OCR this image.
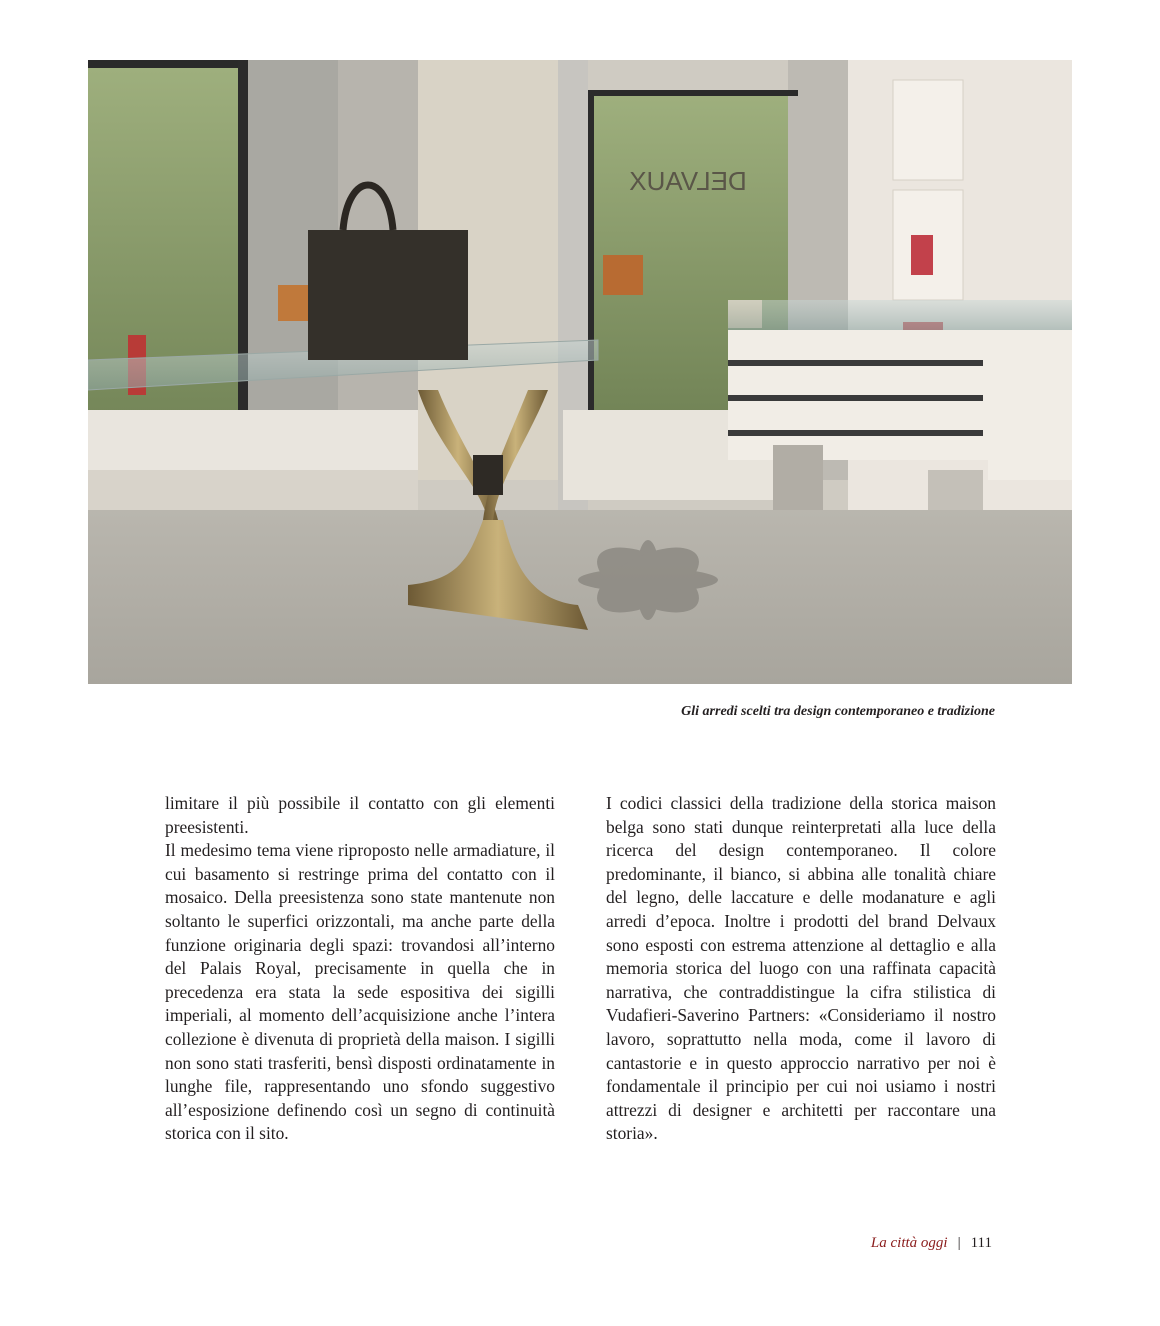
DELVAUX
Gli arredi scelti tra design contemporaneo e tradizione

limitare il più possibile il contatto con gli elementi preesistenti.

Il medesimo tema viene riproposto nelle armadiature, il cui basamento si restringe prima del contatto con il mosaico. Della preesistenza sono state mantenute non soltanto le superfici orizzontali, ma anche parte della funzione originaria degli spazi: trovandosi all’interno del Palais Royal, precisamente in quella che in precedenza era stata la sede espositiva dei sigilli imperiali, al momento dell’acquisizione anche l’intera collezione è divenuta di proprietà della maison. I sigilli non sono stati trasferiti, bensì disposti ordinatamente in lunghe file, rappresentando uno sfondo suggestivo all’esposizione definendo così un segno di continuità storica con il sito.

I codici classici della tradizione della storica maison belga sono stati dunque reinterpretati alla luce della ricerca del design contemporaneo. Il colore predominante, il bianco, si abbina alle tonalità chiare del legno, delle laccature e delle modanature e agli arredi d’epoca. Inoltre i prodotti del brand Delvaux sono esposti con estrema attenzione al dettaglio e alla memoria storica del luogo con una raffinata capacità narrativa, che contraddistingue la cifra stilistica di Vudafieri-Saverino Partners: «Consideriamo il nostro lavoro, soprattutto nella moda, come il lavoro di cantastorie e in questo approccio narrativo per noi è fondamentale il principio per cui noi usiamo i nostri attrezzi di designer e architetti per raccontare una storia».

La città oggi | 111
